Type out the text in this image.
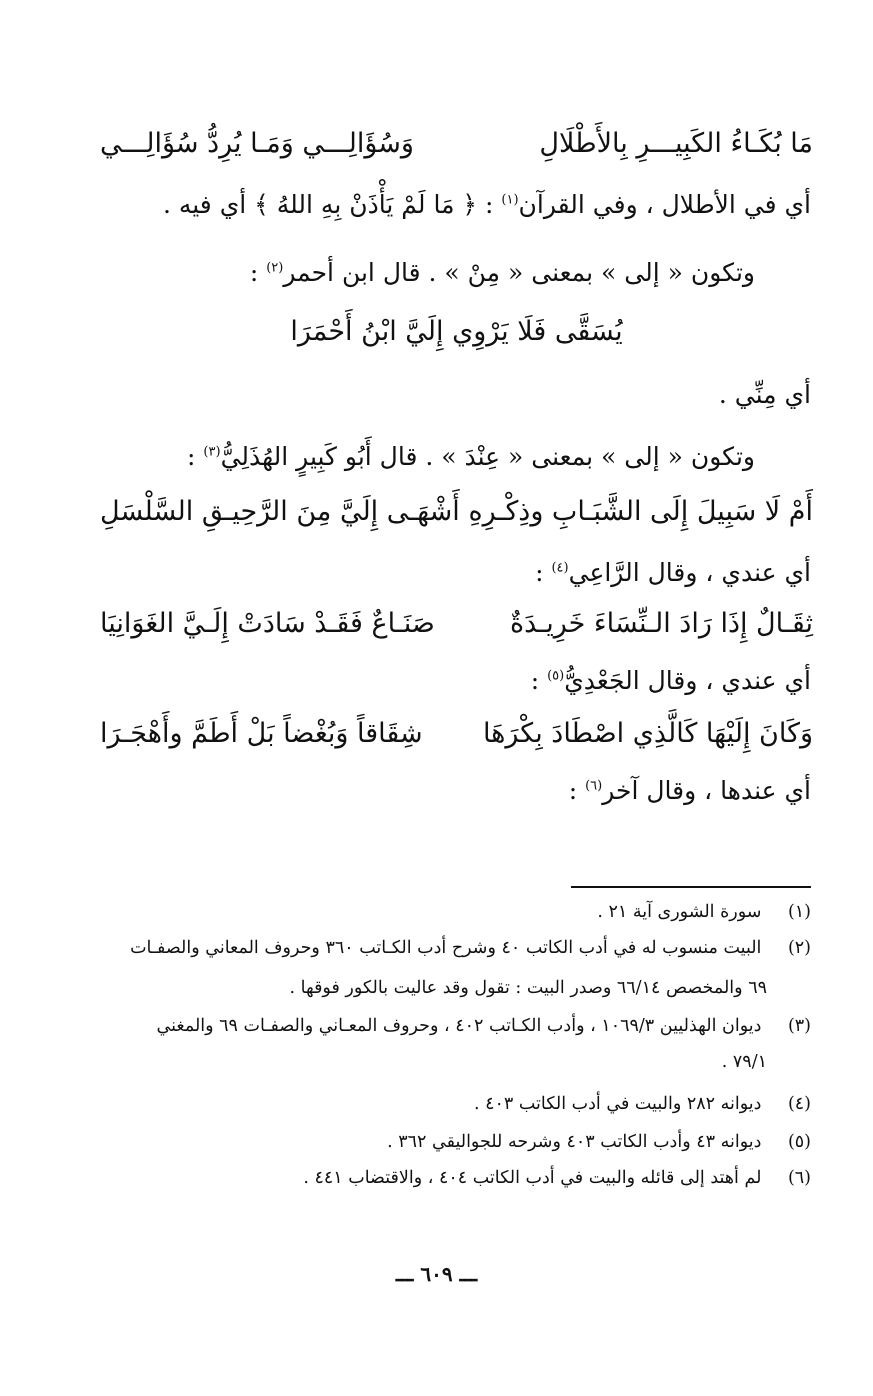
مَا بُكَـاءُ الكَبِيـــرِ بِالأَطْلَالِ
وَسُؤَالِـــي وَمَـا يُرِدُّ سُؤَالِـــي
أي في الأطلال ، وفي القرآن$^{(١)}$ : ﴿ مَا لَمْ يَأْذَنْ بِهِ اللهُ ﴾ أي فيه .
وتكون « إلى » بمعنى « مِنْ » . قال ابن أحمر$^{(٢)}$ :
يُسَقَّى فَلَا يَرْوِي إِلَيَّ ابْنُ أَحْمَرَا
أي مِنِّي .
وتكون « إلى » بمعنى « عِنْدَ » . قال أَبُو كَبِيرٍ الهُذَلِيُّ$^{(٣)}$ :
أَمْ لَا سَبِيلَ إِلَى الشَّبَـابِ وذِكْـرِهِ
أَشْهَـى إِلَيَّ مِنَ الرَّحِيـقِ السَّلْسَلِ
أي عندي ، وقال الرَّاعِي$^{(٤)}$ :
ثِقَـالٌ إِذَا رَادَ الـنِّسَاءَ خَرِيـدَةٌ
صَنَـاعٌ فَقَـدْ سَادَتْ إِلَـيَّ الغَوَانِيَا
أي عندي ، وقال الجَعْدِيُّ$^{(٥)}$ :
وَكَانَ إِلَيْهَا كَالَّذِي اصْطَادَ بِكْرَهَا
شِقَاقاً وَبُغْضاً بَلْ أَطَمَّ وأَهْجَـرَا
أي عندها ، وقال آخر$^{(٦)}$ :
(١) سورة الشورى آية ٢١ .
(٢) البيت منسوب له في أدب الكاتب ٤٠ وشرح أدب الكـاتب ٣٦٠ وحروف المعاني والصفـات
٦٩ والمخصص ٦٦/١٤ وصدر البيت : تقول وقد عاليت بالكور فوقها .
(٣) ديوان الهذليين ١٠٦٩/٣ ، وأدب الكـاتب ٤٠٢ ، وحروف المعـاني والصفـات ٦٩ والمغني
٧٩/١ .
(٤) ديوانه ٢٨٢ والبيت في أدب الكاتب ٤٠٣ .
(٥) ديوانه ٤٣ وأدب الكاتب ٤٠٣ وشرحه للجواليقي ٣٦٢ .
(٦) لم أهتد إلى قائله والبيت في أدب الكاتب ٤٠٤ ، والاقتضاب ٤٤١ .
ـــ ٦٠٩ ـــ
